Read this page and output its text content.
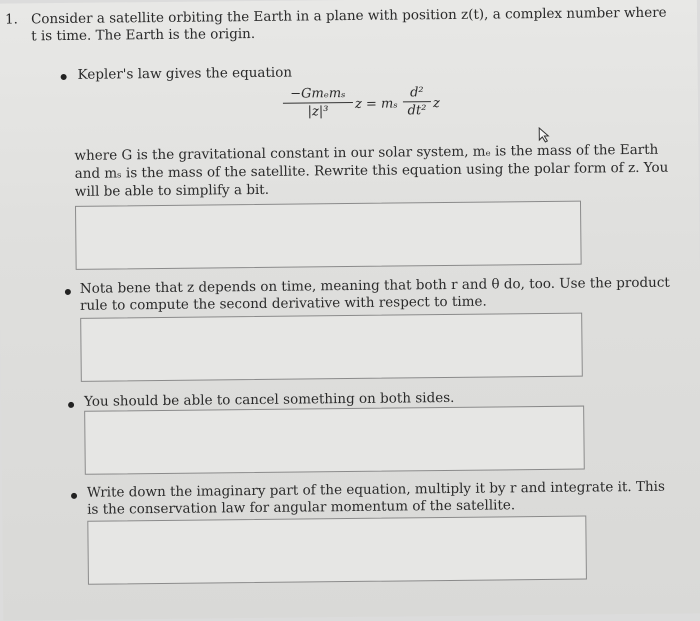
1. Consider a satellite orbiting the Earth in a plane with position z(t), a complex number where
t is time. The Earth is the origin.
Kepler's law gives the equation
−Gmₑmₛ
|z|³	z = mₛ
d²
dt² z
where G is the gravitational constant in our solar system, mₑ is the mass of the Earth
and mₛ is the mass of the satellite. Rewrite this equation using the polar form of z. You
will be able to simplify a bit.
Nota bene that z depends on time, meaning that both r and θ do, too. Use the product
rule to compute the second derivative with respect to time.
You should be able to cancel something on both sides.
Write down the imaginary part of the equation, multiply it by r and integrate it. This
is the conservation law for angular momentum of the satellite.
